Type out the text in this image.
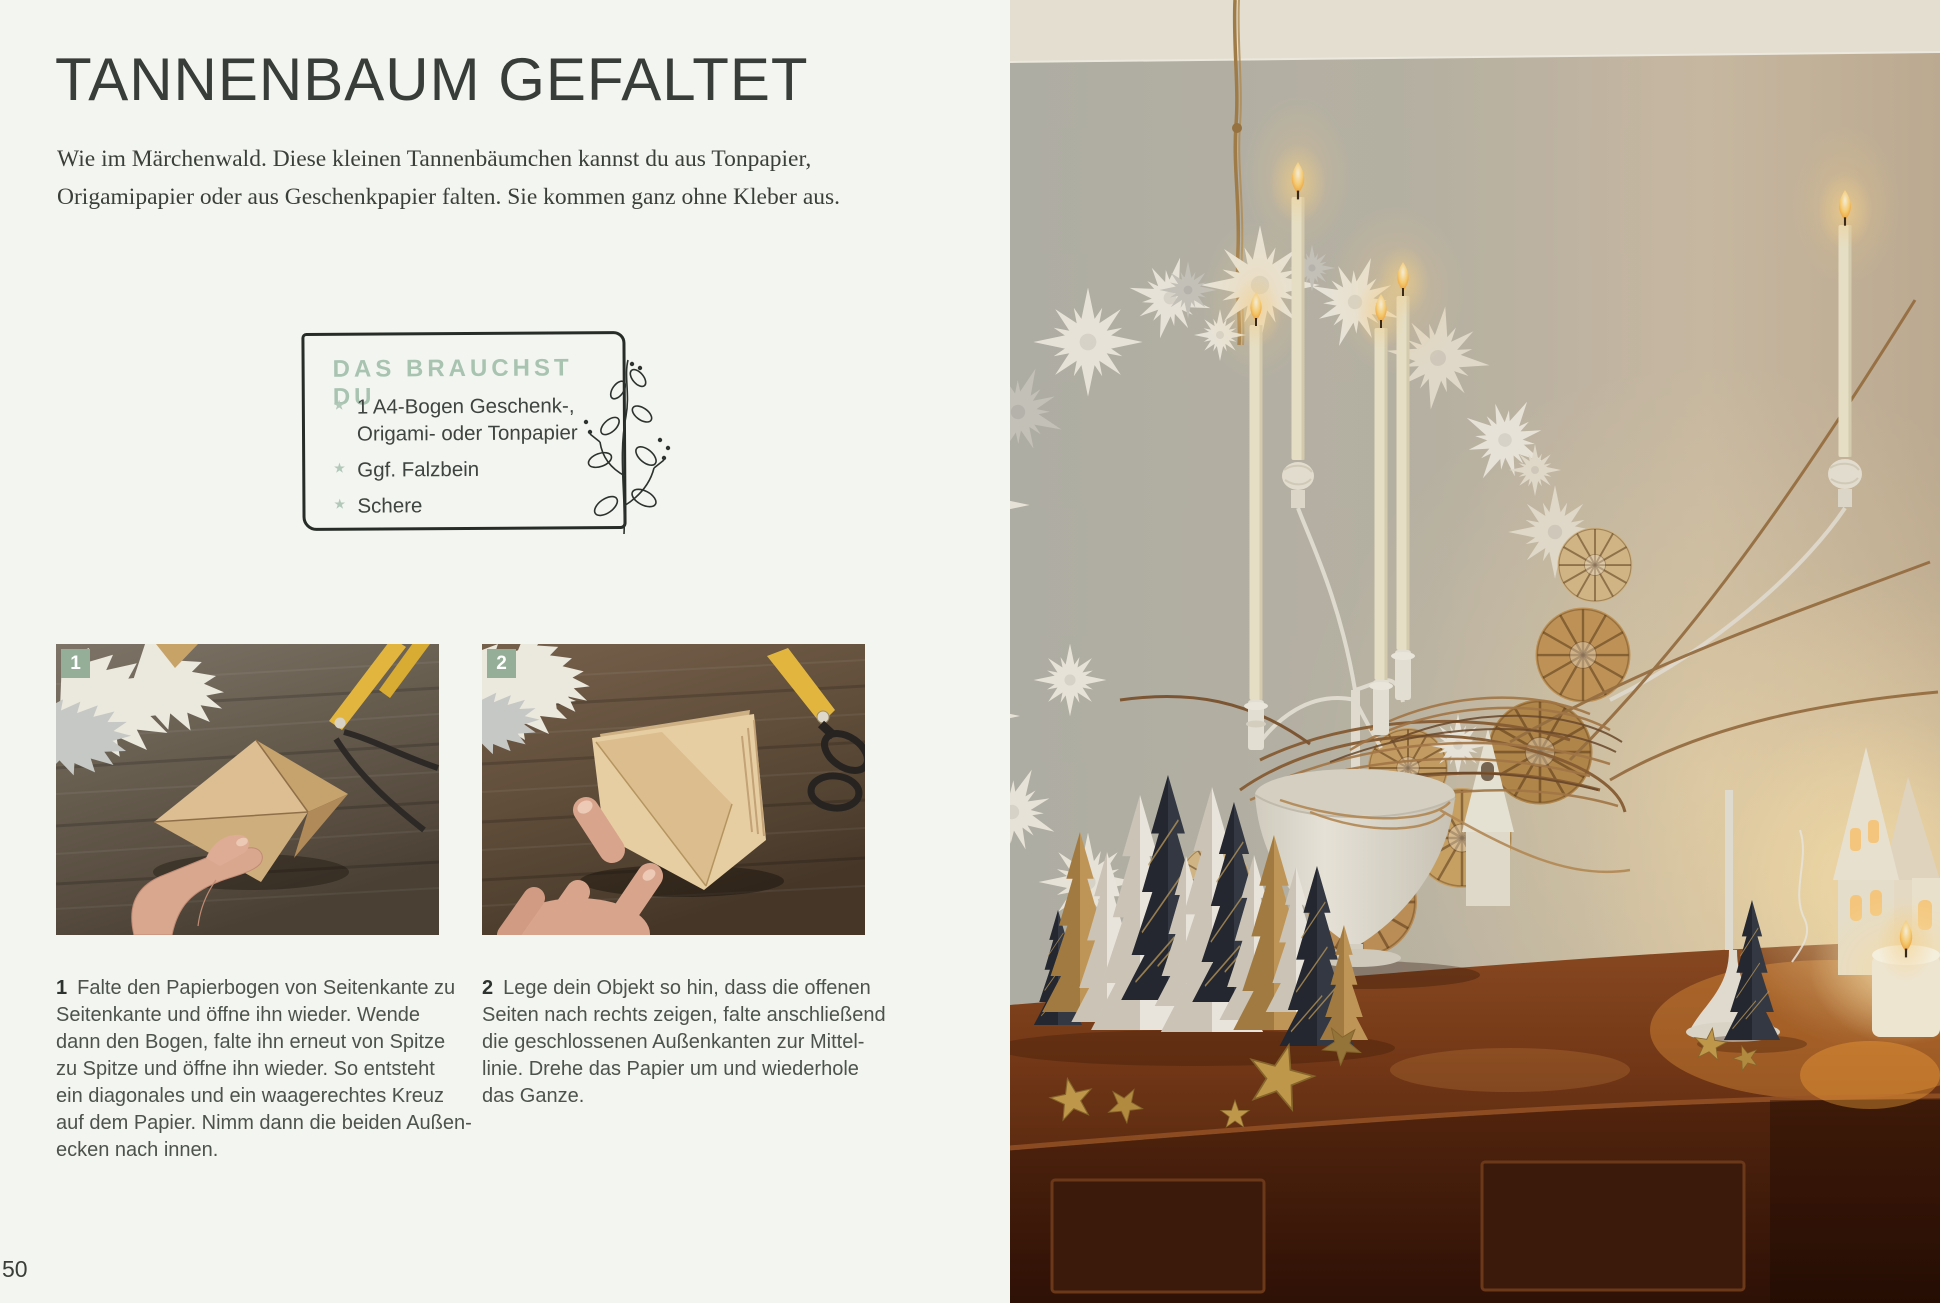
TANNENBAUM GEFALTET
Wie im Märchenwald. Diese kleinen Tannenbäumchen kannst du aus Tonpapier,
Origamipapier oder aus Geschenkpapier falten. Sie kommen ganz ohne Kleber aus.
DAS BRAUCHST DU
★
1 A4-Bogen Geschenk-,
Origami- oder Tonpapier
★
Ggf. Falzbein
★
Schere
1	2
1 Falte den Papierbogen von Seitenkante zu
Seitenkante und öffne ihn wieder. Wende
dann den Bogen, falte ihn erneut von Spitze
zu Spitze und öffne ihn wieder. So entsteht
ein diagonales und ein waagerechtes Kreuz
auf dem Papier. Nimm dann die beiden Außen-
ecken nach innen.
2 Lege dein Objekt so hin, dass die offenen
Seiten nach rechts zeigen, falte anschließend
die geschlossenen Außenkanten zur Mittel-
linie. Drehe das Papier um und wiederhole
das Ganze.
50
